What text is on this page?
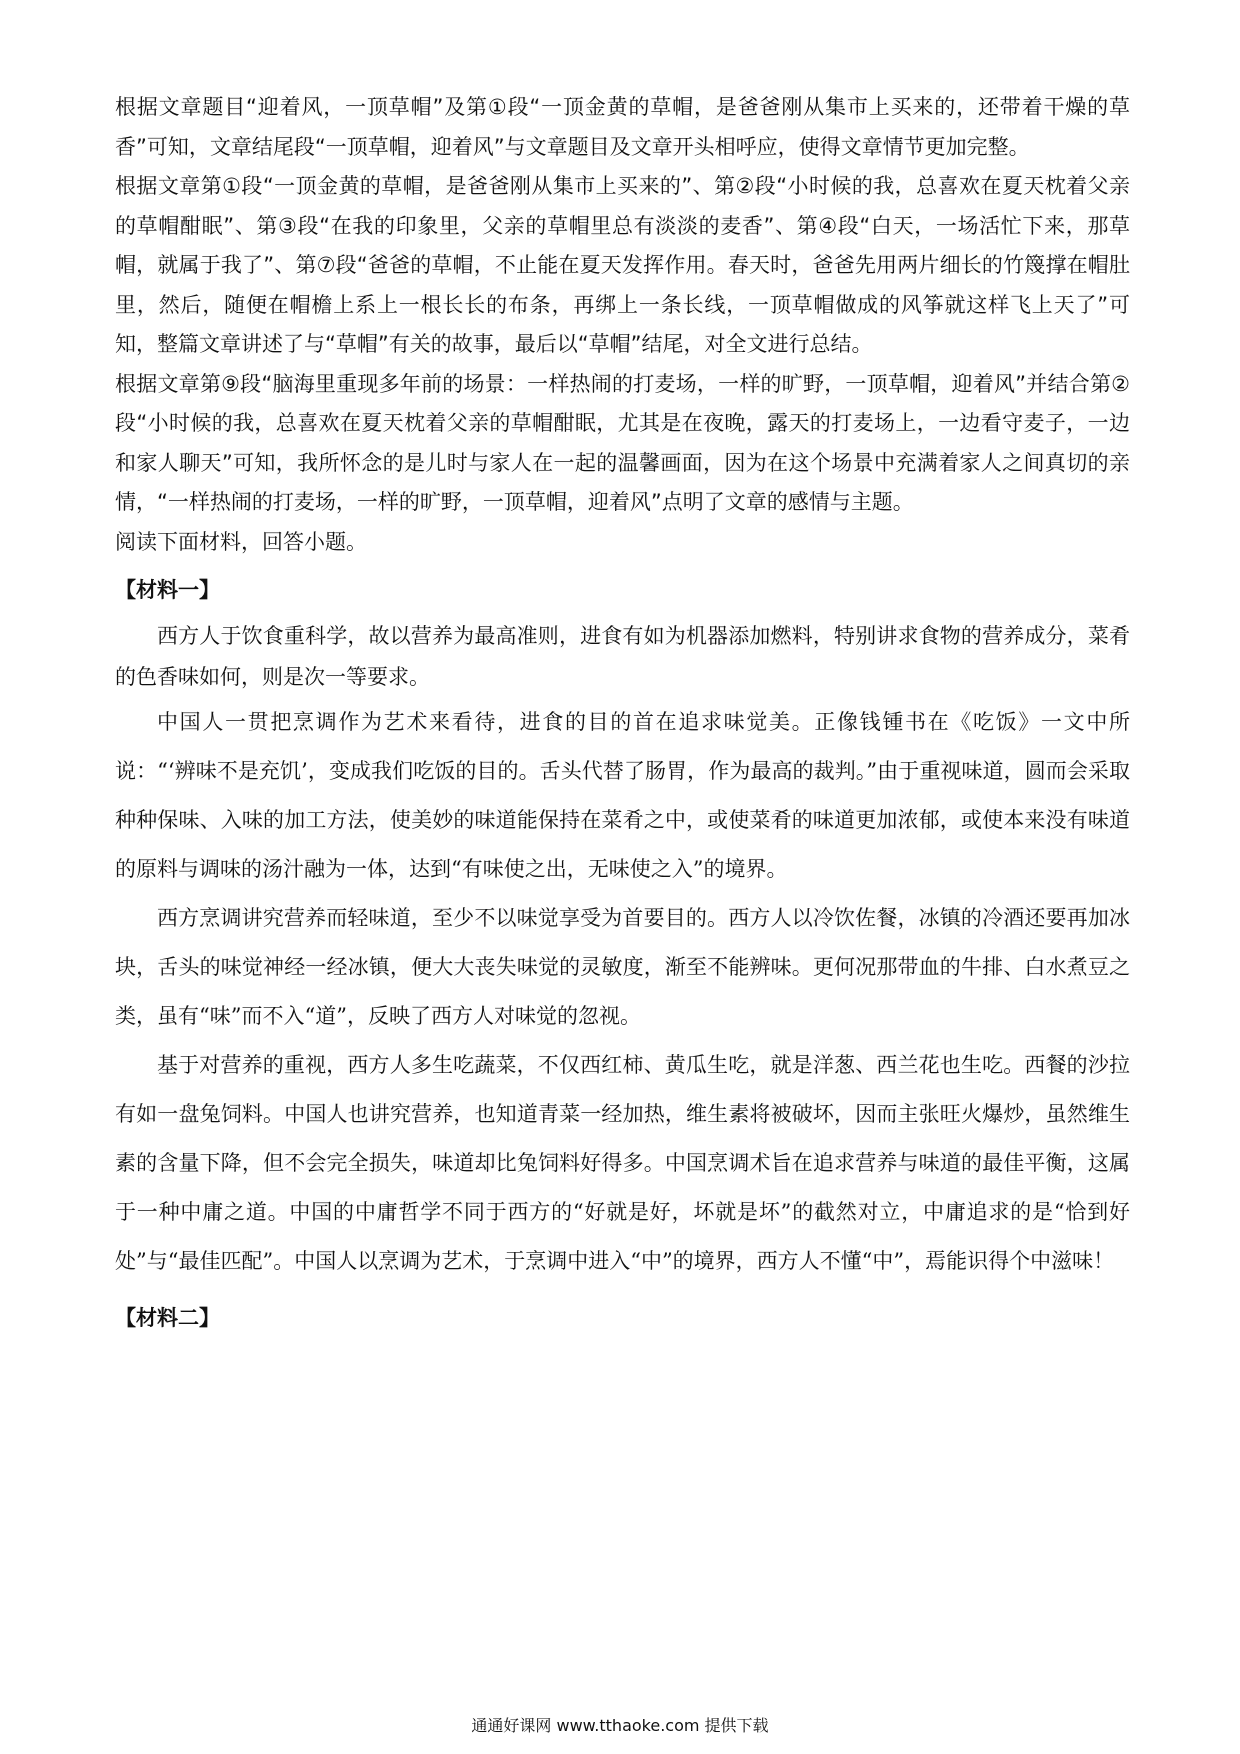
根据文章题目“迎着风，一顶草帽”及第①段“一顶金黄的草帽，是爸爸刚从集市上买来的，还带着干燥的草香”可知，文章结尾段“一顶草帽，迎着风”与文章题目及文章开头相呼应，使得文章情节更加完整。

根据文章第①段“一顶金黄的草帽，是爸爸刚从集市上买来的”、第②段“小时候的我，总喜欢在夏天枕着父亲的草帽酣眠”、第③段“在我的印象里，父亲的草帽里总有淡淡的麦香”、第④段“白天，一场活忙下来，那草帽，就属于我了”、第⑦段“爸爸的草帽，不止能在夏天发挥作用。春天时，爸爸先用两片细长的竹篾撑在帽肚里，然后，随便在帽檐上系上一根长长的布条，再绑上一条长线，一顶草帽做成的风筝就这样飞上天了”可知，整篇文章讲述了与“草帽”有关的故事，最后以“草帽”结尾，对全文进行总结。

根据文章第⑨段“脑海里重现多年前的场景：一样热闹的打麦场，一样的旷野，一顶草帽，迎着风”并结合第②段“小时候的我，总喜欢在夏天枕着父亲的草帽酣眠，尤其是在夜晚，露天的打麦场上，一边看守麦子，一边和家人聊天”可知，我所怀念的是儿时与家人在一起的温馨画面，因为在这个场景中充满着家人之间真切的亲情，“一样热闹的打麦场，一样的旷野，一顶草帽，迎着风”点明了文章的感情与主题。

阅读下面材料，回答小题。

【材料一】

西方人于饮食重科学，故以营养为最高准则，进食有如为机器添加燃料，特别讲求食物的营养成分，菜肴的色香味如何，则是次一等要求。

中国人一贯把烹调作为艺术来看待，进食的目的首在追求味觉美。正像钱锺书在《吃饭》一文中所说：“‘辨味不是充饥’，变成我们吃饭的目的。舌头代替了肠胃，作为最高的裁判。”由于重视味道，圆而会采取种种保味、入味的加工方法，使美妙的味道能保持在菜肴之中，或使菜肴的味道更加浓郁，或使本来没有味道的原料与调味的汤汁融为一体，达到“有味使之出，无味使之入”的境界。

西方烹调讲究营养而轻味道，至少不以味觉享受为首要目的。西方人以冷饮佐餐，冰镇的冷酒还要再加冰块，舌头的味觉神经一经冰镇，便大大丧失味觉的灵敏度，渐至不能辨味。更何况那带血的牛排、白水煮豆之类，虽有“味”而不入“道”，反映了西方人对味觉的忽视。

基于对营养的重视，西方人多生吃蔬菜，不仅西红柿、黄瓜生吃，就是洋葱、西兰花也生吃。西餐的沙拉有如一盘兔饲料。中国人也讲究营养，也知道青菜一经加热，维生素将被破坏，因而主张旺火爆炒，虽然维生素的含量下降，但不会完全损失，味道却比兔饲料好得多。中国烹调术旨在追求营养与味道的最佳平衡，这属于一种中庸之道。中国的中庸哲学不同于西方的“好就是好，坏就是坏”的截然对立，中庸追求的是“恰到好处”与“最佳匹配”。中国人以烹调为艺术，于烹调中进入“中”的境界，西方人不懂“中”，焉能识得个中滋味！

【材料二】
通通好课网 www.tthaoke.com 提供下载
